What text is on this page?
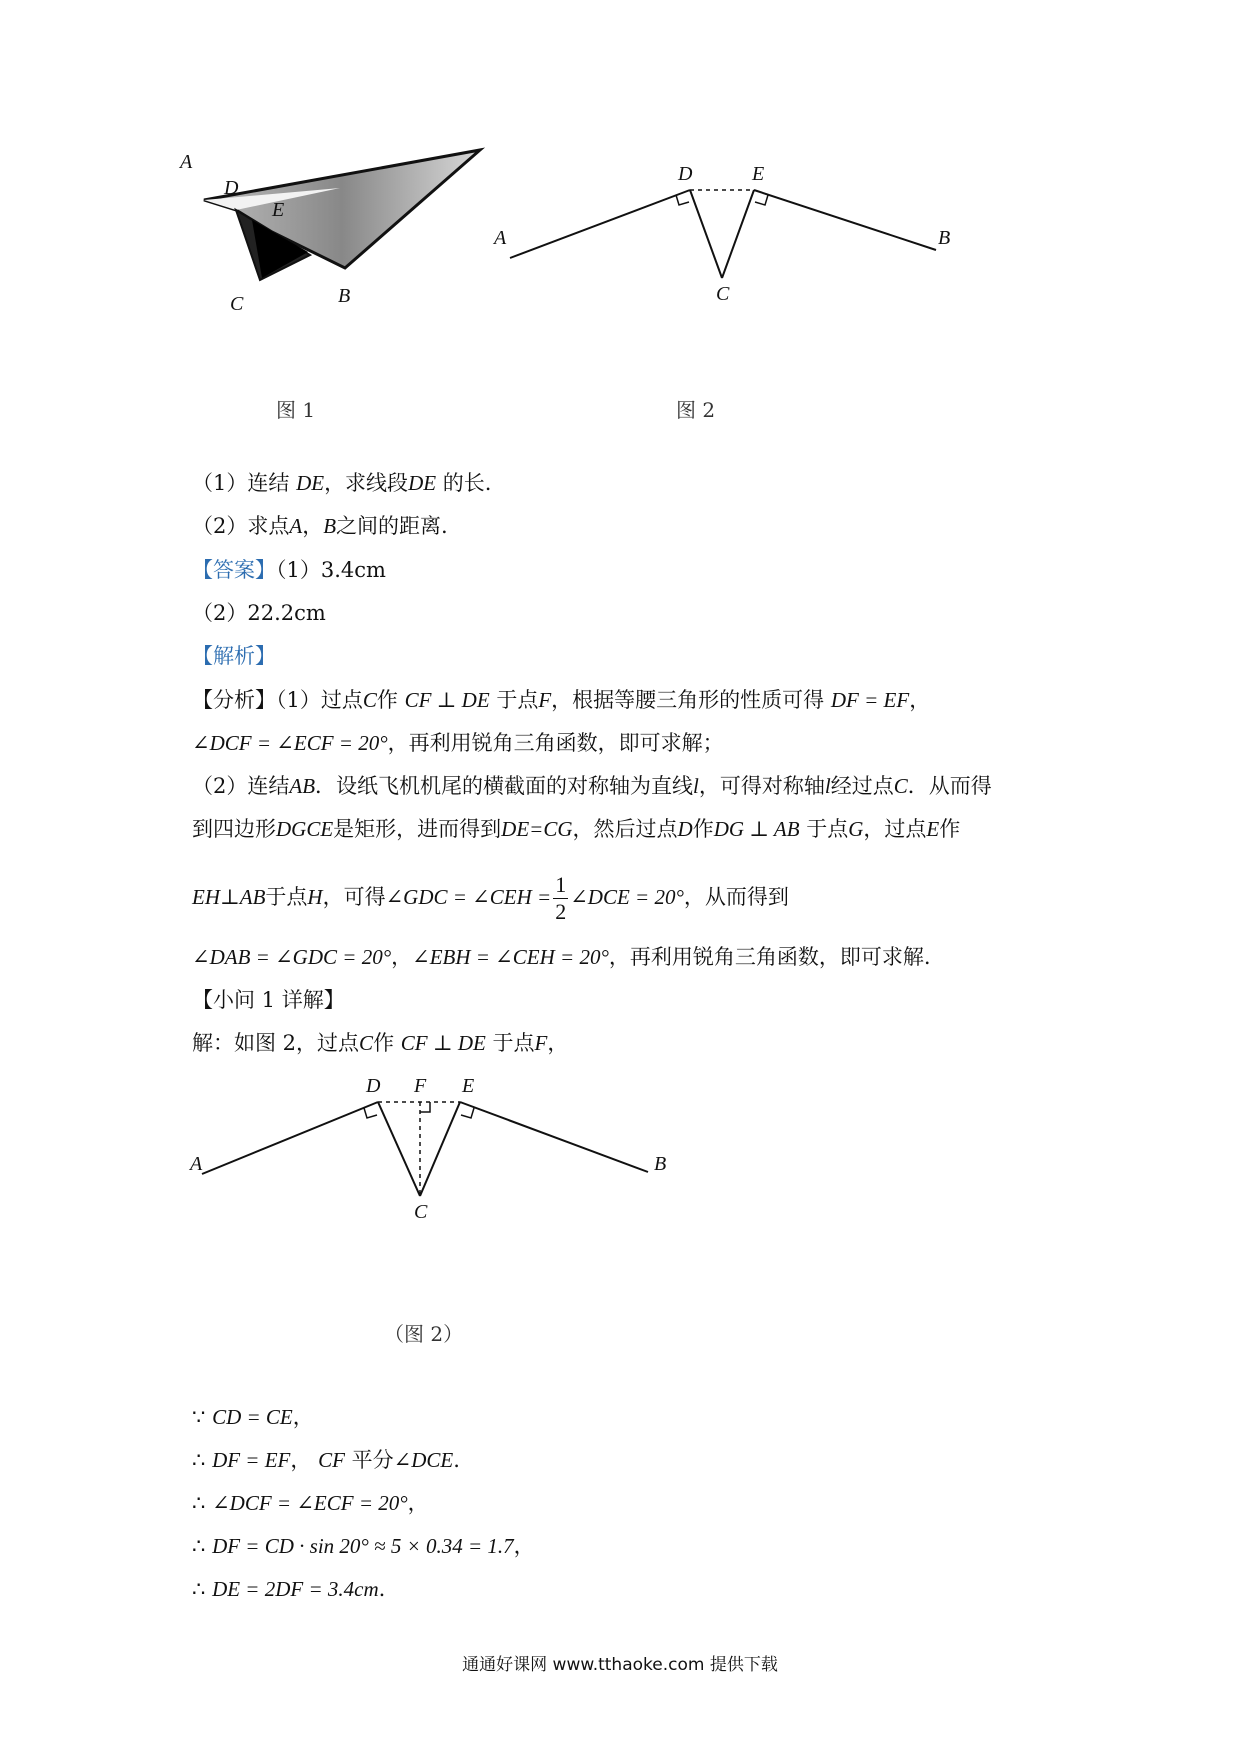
A
D
E
C	B
图 1
A
D	E
C
B
图 2
（1）连结 DE，求线段DE 的长.
（2）求点A，B之间的距离.
【答案】（1）3.4cm
（2）22.2cm
【解析】
【分析】（1）过点C作 CF ⊥ DE 于点F，根据等腰三角形的性质可得 DF = EF，
∠DCF = ∠ECF = 20°，再利用锐角三角函数，即可求解；
（2）连结AB．设纸飞机机尾的横截面的对称轴为直线l，可得对称轴l经过点C．从而得
到四边形DGCE是矩形，进而得到DE=CG，然后过点D作DG ⊥ AB 于点G，过点E作
EH⊥AB于点H，可得∠GDC = ∠CEH = $\frac{1}{2}$ ∠DCE = 20°，从而得到
∠DAB = ∠GDC = 20°，∠EBH = ∠CEH = 20°，再利用锐角三角函数，即可求解.
【小问 1 详解】
解：如图 2，过点C作 CF ⊥ DE 于点F，
A
D F E
C
B
（图 2）
∵ CD = CE，
∴ DF = EF， CF 平分∠DCE.
∴ ∠DCF = ∠ECF = 20°，
∴ DF = CD · sin 20° ≈ 5 × 0.34 = 1.7，
∴ DE = 2DF = 3.4cm.
通通好课网 www.tthaoke.com 提供下载
